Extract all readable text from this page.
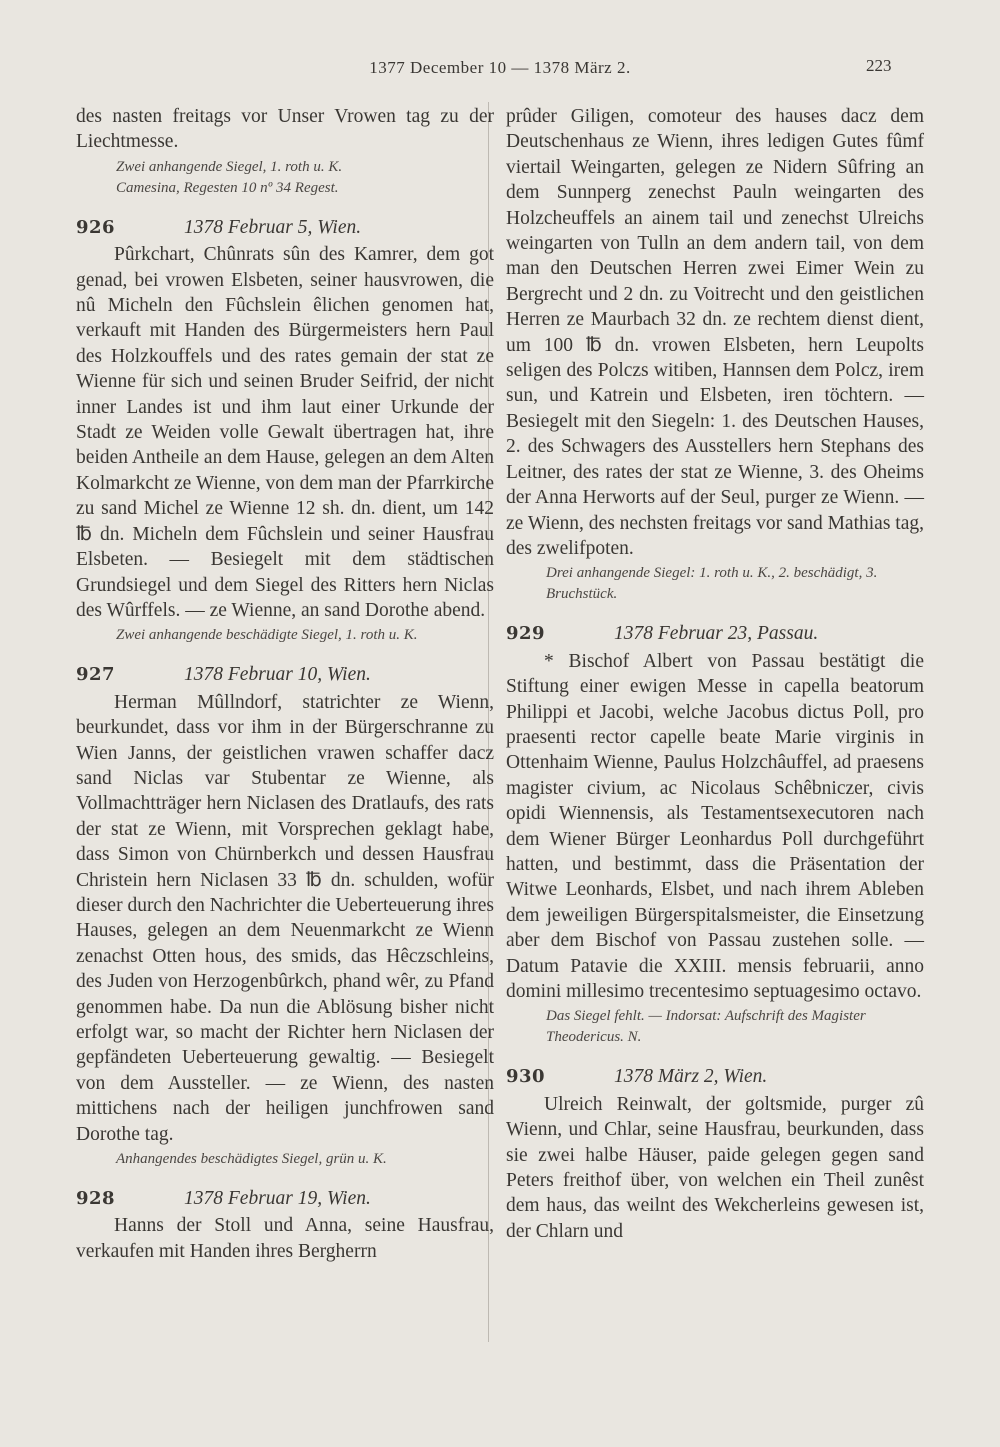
1377 December 10 — 1378 März 2.	223

des nasten freitags vor Unser Vrowen tag zu der Liechtmesse.

Zwei anhangende Siegel, 1. roth u. K.
Camesina, Regesten 10 nº 34 Regest.
926	1378 Februar 5, Wien.

Pûrkchart, Chûnrats sûn des Kamrer, dem got genad, bei vrowen Elsbeten, seiner hausvrowen, die nû Micheln den Fûchslein êlichen genomen hat, verkauft mit Handen des Bürgermeisters hern Paul des Holzkouffels und des rates gemain der stat ze Wienne für sich und seinen Bruder Seifrid, der nicht inner Landes ist und ihm laut einer Urkunde der Stadt ze Weiden volle Gewalt übertragen hat, ihre beiden Antheile an dem Hause, gelegen an dem Alten Kolmarkcht ze Wienne, von dem man der Pfarrkirche zu sand Michel ze Wienne 12 sh. dn. dient, um 142 ℔ dn. Micheln dem Fûchslein und seiner Hausfrau Elsbeten. — Besiegelt mit dem städtischen Grundsiegel und dem Siegel des Ritters hern Niclas des Wûrffels. — ze Wienne, an sand Dorothe abend.

Zwei anhangende beschädigte Siegel, 1. roth u. K.
927	1378 Februar 10, Wien.

Herman Mûllndorf, statrichter ze Wienn, beurkundet, dass vor ihm in der Bürgerschranne zu Wien Janns, der geistlichen vrawen schaffer dacz sand Niclas var Stubentar ze Wienne, als Vollmachtträger hern Niclasen des Dratlaufs, des rats der stat ze Wienn, mit Vorsprechen geklagt habe, dass Simon von Chürnberkch und dessen Hausfrau Christein hern Niclasen 33 ℔ dn. schulden, wofür dieser durch den Nachrichter die Ueberteuerung ihres Hauses, gelegen an dem Neuenmarkcht ze Wienn zenachst Otten hous, des smids, das Hêczschleins, des Juden von Herzogenbûrkch, phand wêr, zu Pfand genommen habe. Da nun die Ablösung bisher nicht erfolgt war, so macht der Richter hern Niclasen der gepfändeten Ueberteuerung gewaltig. — Besiegelt von dem Aussteller. — ze Wienn, des nasten mittichens nach der heiligen junchfrowen sand Dorothe tag.

Anhangendes beschädigtes Siegel, grün u. K.
928	1378 Februar 19, Wien.

Hanns der Stoll und Anna, seine Hausfrau, verkaufen mit Handen ihres Bergherrn

prûder Giligen, comoteur des hauses dacz dem Deutschenhaus ze Wienn, ihres ledigen Gutes fûmf viertail Weingarten, gelegen ze Nidern Sûfring an dem Sunnperg zenechst Pauln weingarten des Holzcheuffels an ainem tail und zenechst Ulreichs weingarten von Tulln an dem andern tail, von dem man den Deutschen Herren zwei Eimer Wein zu Bergrecht und 2 dn. zu Voitrecht und den geistlichen Herren ze Maurbach 32 dn. ze rechtem dienst dient, um 100 ℔ dn. vrowen Elsbeten, hern Leupolts seligen des Polczs witiben, Hannsen dem Polcz, irem sun, und Katrein und Elsbeten, iren töchtern. — Besiegelt mit den Siegeln: 1. des Deutschen Hauses, 2. des Schwagers des Ausstellers hern Stephans des Leitner, des rates der stat ze Wienne, 3. des Oheims der Anna Herworts auf der Seul, purger ze Wienn. — ze Wienn, des nechsten freitags vor sand Mathias tag, des zwelifpoten.

Drei anhangende Siegel: 1. roth u. K., 2. beschädigt, 3. Bruchstück.
929	1378 Februar 23, Passau.

* Bischof Albert von Passau bestätigt die Stiftung einer ewigen Messe in capella beatorum Philippi et Jacobi, welche Jacobus dictus Poll, pro praesenti rector capelle beate Marie virginis in Ottenhaim Wienne, Paulus Holzchâuffel, ad praesens magister civium, ac Nicolaus Schêbniczer, civis opidi Wiennensis, als Testamentsexecutoren nach dem Wiener Bürger Leonhardus Poll durchgeführt hatten, und bestimmt, dass die Präsentation der Witwe Leonhards, Elsbet, und nach ihrem Ableben dem jeweiligen Bürgerspitalsmeister, die Einsetzung aber dem Bischof von Passau zustehen solle. — Datum Patavie die XXIII. mensis februarii, anno domini millesimo trecentesimo septuagesimo octavo.

Das Siegel fehlt. — Indorsat: Aufschrift des Magister Theodericus. N.
930	1378 März 2, Wien.

Ulreich Reinwalt, der goltsmide, purger zû Wienn, und Chlar, seine Hausfrau, beurkunden, dass sie zwei halbe Häuser, paide gelegen gegen sand Peters freithof über, von welchen ein Theil zunêst dem haus, das weilnt des Wekcherleins gewesen ist, der Chlarn und
